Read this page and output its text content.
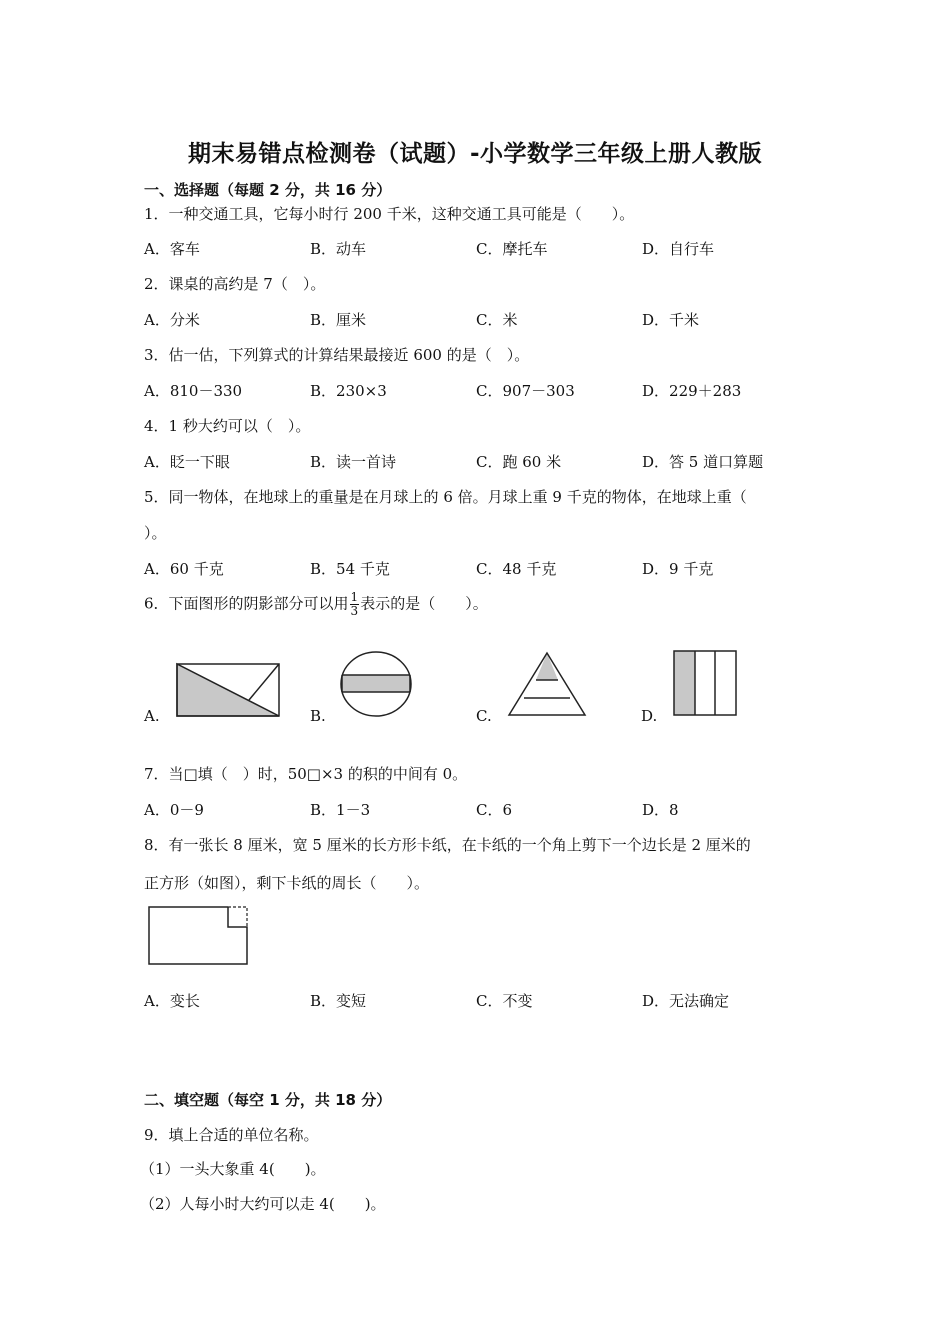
期末易错点检测卷（试题）-小学数学三年级上册人教版
一、选择题（每题 2 分，共 16 分）
1．一种交通工具，它每小时行 200 千米，这种交通工具可能是（　　）。
A．客车	B．动车	C．摩托车	D．自行车
2．课桌的高约是 7（　）。
A．分米	B．厘米	C．米	D．千米
3．估一估，下列算式的计算结果最接近 600 的是（　）。
A．810－330	B．230×3	C．907－303	D．229＋283
4．1 秒大约可以（　）。
A．眨一下眼	B．读一首诗	C．跑 60 米	D．答 5 道口算题
5．同一物体，在地球上的重量是在月球上的 6 倍。月球上重 9 千克的物体，在地球上重（
）。
A．60 千克	B．54 千克	C．48 千克	D．9 千克
6．下面图形的阴影部分可以用 $\frac{1}{3}$ 表示的是（　　）。
A.	B.	C.	D.
7．当□填（　）时，50□×3 的积的中间有 0。
A．0－9	B．1－3	C．6	D．8
8．有一张长 8 厘米，宽 5 厘米的长方形卡纸，在卡纸的一个角上剪下一个边长是 2 厘米的
正方形（如图），剩下卡纸的周长（　　）。
A．变长	B．变短	C．不变	D．无法确定
二、填空题（每空 1 分，共 18 分）
9．填上合适的单位名称。
（1）一头大象重 4(　　)。
（2）人每小时大约可以走 4(　　)。
